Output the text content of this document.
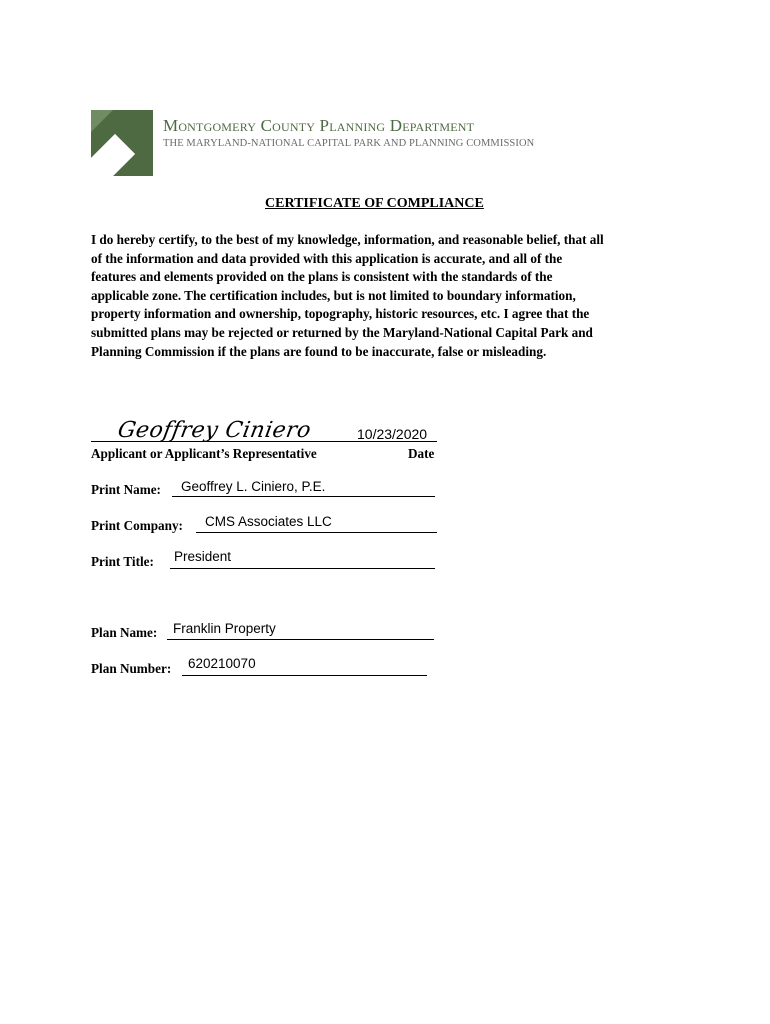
Montgomery County Planning Department
THE MARYLAND-NATIONAL CAPITAL PARK AND PLANNING COMMISSION
CERTIFICATE OF COMPLIANCE
I do hereby certify, to the best of my knowledge, information, and reasonable belief, that all
of the information and data provided with this application is accurate, and all of the
features and elements provided on the plans is consistent with the standards of the
applicable zone. The certification includes, but is not limited to boundary information,
property information and ownership, topography, historic resources, etc. I agree that the
submitted plans may be rejected or returned by the Maryland-National Capital Park and
Planning Commission if the plans are found to be inaccurate, false or misleading.
Geoffrey Ciniero	10/23/2020
Applicant or Applicant’s Representative	Date
Print Name: Geoffrey L. Ciniero, P.E.
Print Company: CMS Associates LLC
Print Title: President
Plan Name: Franklin Property
Plan Number: 620210070
